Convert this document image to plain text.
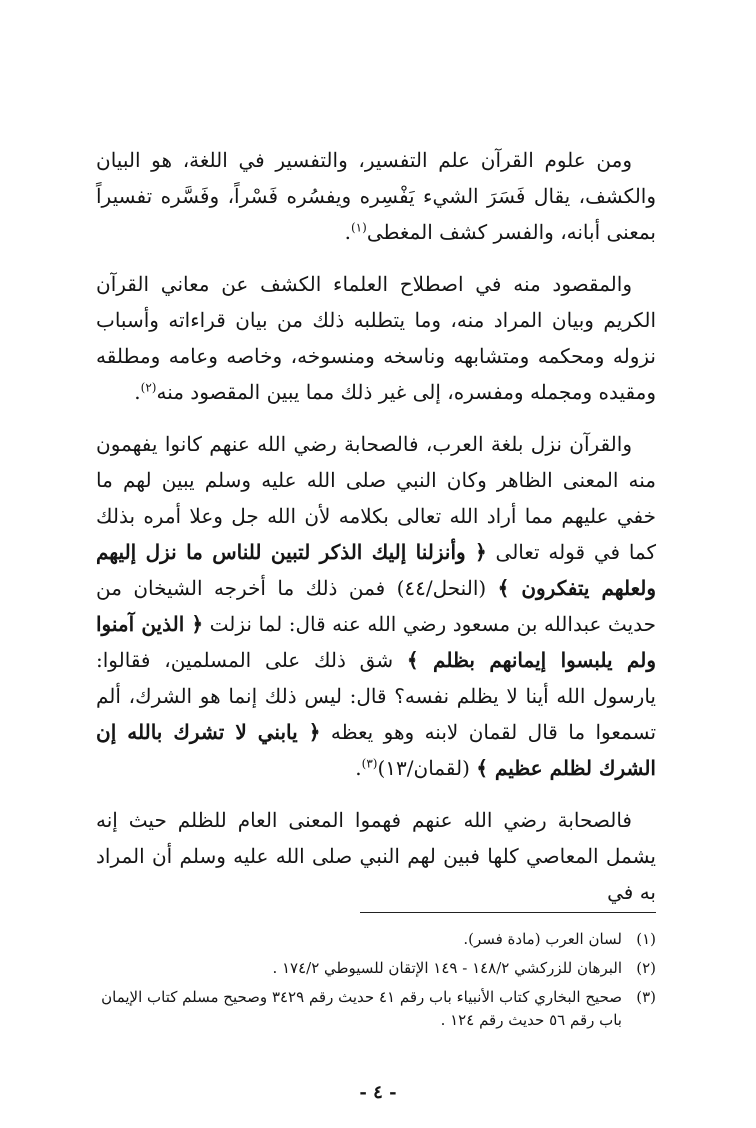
ومن علوم القرآن علم التفسير، والتفسير في اللغة، هو البيان والكشف، يقال فَسَرَ الشيء يَفْسِره ويفسُره فَسْراً، وفَسَّره تفسيراً بمعنى أبانه، والفسر كشف المغطى$^{(١)}$.

والمقصود منه في اصطلاح العلماء الكشف عن معاني القرآن الكريم وبيان المراد منه، وما يتطلبه ذلك من بيان قراءاته وأسباب نزوله ومحكمه ومتشابهه وناسخه ومنسوخه، وخاصه وعامه ومطلقه ومقيده ومجمله ومفسره، إلى غير ذلك مما يبين المقصود منه$^{(٢)}$.

والقرآن نزل بلغة العرب، فالصحابة رضي الله عنهم كانوا يفهمون منه المعنى الظاهر وكان النبي صلى الله عليه وسلم يبين لهم ما خفي عليهم مما أراد الله تعالى بكلامه لأن الله جل وعلا أمره بذلك كما في قوله تعالى ﴿ وأنزلنا إليك الذكر لتبين للناس ما نزل إليهم ولعلهم يتفكرون ﴾ (النحل/٤٤) فمن ذلك ما أخرجه الشيخان من حديث عبدالله بن مسعود رضي الله عنه قال: لما نزلت ﴿ الذين آمنوا ولم يلبسوا إيمانهم بظلم ﴾ شق ذلك على المسلمين، فقالوا: يارسول الله أينا لا يظلم نفسه؟ قال: ليس ذلك إنما هو الشرك، ألم تسمعوا ما قال لقمان لابنه وهو يعظه ﴿ يابني لا تشرك بالله إن الشرك لظلم عظيم ﴾ (لقمان/١٣)$^{(٣)}$.

فالصحابة رضي الله عنهم فهموا المعنى العام للظلم حيث إنه يشمل المعاصي كلها فبين لهم النبي صلى الله عليه وسلم أن المراد به في

(١)
لسان العرب (مادة فسر).
(٢)
البرهان للزركشي ١٤٨/٢ - ١٤٩ الإتقان للسيوطي ١٧٤/٢ .
(٣)
صحيح البخاري كتاب الأنبياء باب رقم ٤١ حديث رقم ٣٤٢٩ وصحيح مسلم كتاب الإيمان باب رقم ٥٦ حديث رقم ١٢٤ .
- ٤ -
